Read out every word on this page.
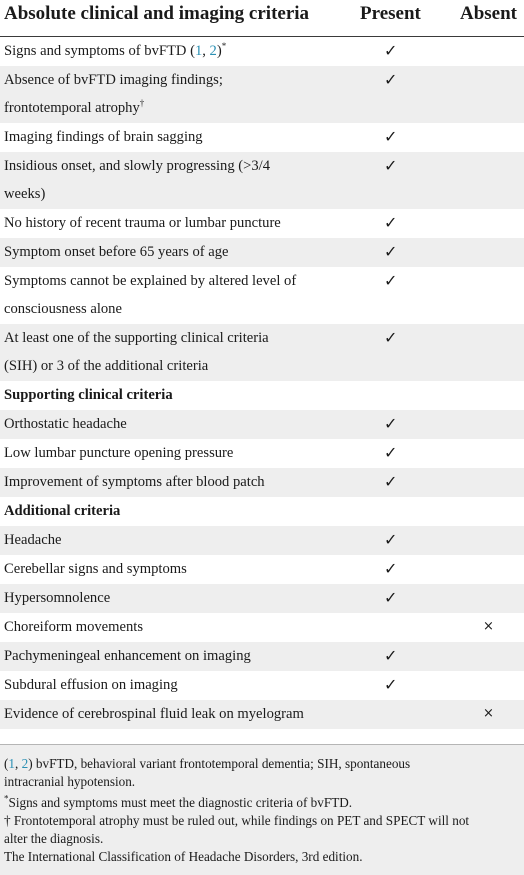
Absolute clinical and imaging criteria	Present Absent
Signs and symptoms of bvFTD (1, 2)*	✓
Absence of bvFTD imaging findings;
frontotemporal atrophy†
✓
Imaging findings of brain sagging	✓
Insidious onset, and slowly progressing (>3/4
weeks)
✓
No history of recent trauma or lumbar puncture	✓
Symptom onset before 65 years of age	✓
Symptoms cannot be explained by altered level of
consciousness alone
✓
At least one of the supporting clinical criteria
(SIH) or 3 of the additional criteria
✓
Supporting clinical criteria
Orthostatic headache	✓
Low lumbar puncture opening pressure	✓
Improvement of symptoms after blood patch	✓
Additional criteria
Headache	✓
Cerebellar signs and symptoms	✓
Hypersomnolence	✓
Choreiform movements	×
Pachymeningeal enhancement on imaging	✓
Subdural effusion on imaging	✓
Evidence of cerebrospinal fluid leak on myelogram	×
(1, 2) bvFTD, behavioral variant frontotemporal dementia; SIH, spontaneous
intracranial hypotension.
*Signs and symptoms must meet the diagnostic criteria of bvFTD.
† Frontotemporal atrophy must be ruled out, while findings on PET and SPECT will not
alter the diagnosis.
The International Classification of Headache Disorders, 3rd edition.
